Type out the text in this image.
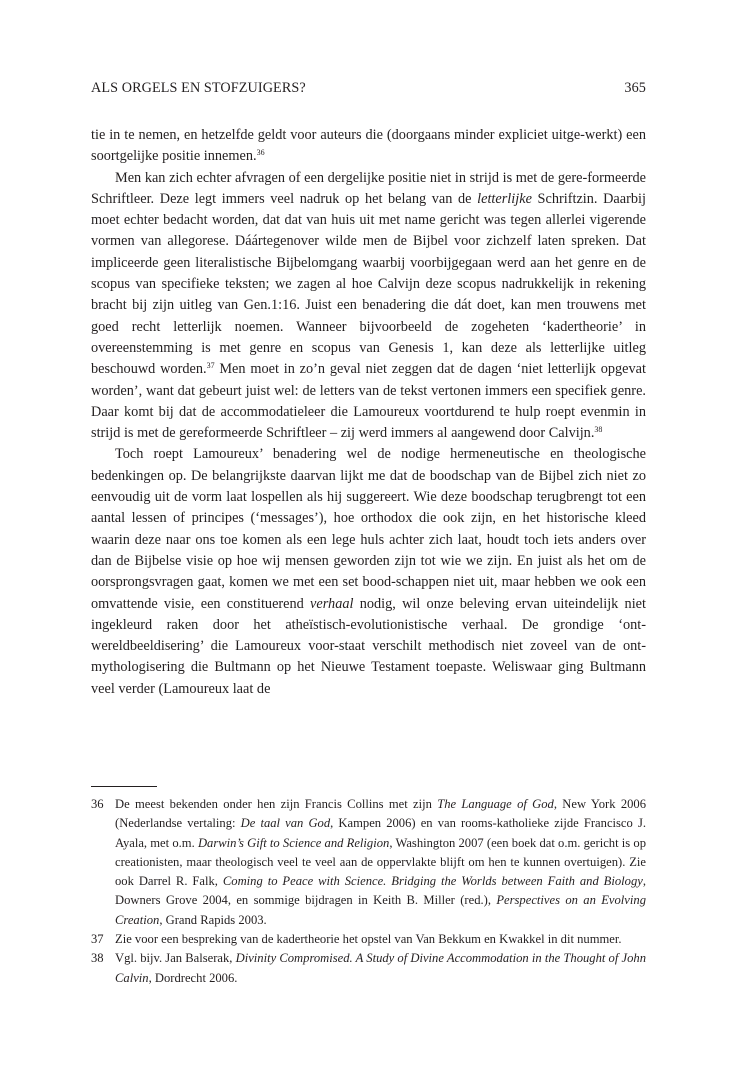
ALS ORGELS EN STOFZUIGERS?	365

tie in te nemen, en hetzelfde geldt voor auteurs die (doorgaans minder expliciet uitge-werkt) een soortgelijke positie innemen.$^{36}$

Men kan zich echter afvragen of een dergelijke positie niet in strijd is met de gere-formeerde Schriftleer. Deze legt immers veel nadruk op het belang van de letterlijke Schriftzin. Daarbij moet echter bedacht worden, dat dat van huis uit met name gericht was tegen allerlei vigerende vormen van allegorese. Dáártegenover wilde men de Bijbel voor zichzelf laten spreken. Dat impliceerde geen literalistische Bijbelomgang waarbij voorbijgegaan werd aan het genre en de scopus van specifieke teksten; we zagen al hoe Calvijn deze scopus nadrukkelijk in rekening bracht bij zijn uitleg van Gen.1:16. Juist een benadering die dát doet, kan men trouwens met goed recht letterlijk noemen. Wanneer bijvoorbeeld de zogeheten ‘kadertheorie’ in overeenstemming is met genre en scopus van Genesis 1, kan deze als letterlijke uitleg beschouwd worden.$^{37}$ Men moet in zo’n geval niet zeggen dat de dagen ‘niet letterlijk opgevat worden’, want dat gebeurt juist wel: de letters van de tekst vertonen immers een specifiek genre. Daar komt bij dat de accommodatieleer die Lamoureux voortdurend te hulp roept evenmin in strijd is met de gereformeerde Schriftleer – zij werd immers al aangewend door Calvijn.$^{38}$

Toch roept Lamoureux’ benadering wel de nodige hermeneutische en theologische bedenkingen op. De belangrijkste daarvan lijkt me dat de boodschap van de Bijbel zich niet zo eenvoudig uit de vorm laat lospellen als hij suggereert. Wie deze boodschap terugbrengt tot een aantal lessen of principes (‘messages’), hoe orthodox die ook zijn, en het historische kleed waarin deze naar ons toe komen als een lege huls achter zich laat, houdt toch iets anders over dan de Bijbelse visie op hoe wij mensen geworden zijn tot wie we zijn. En juist als het om de oorsprongsvragen gaat, komen we met een set bood-schappen niet uit, maar hebben we ook een omvattende visie, een constituerend verhaal nodig, wil onze beleving ervan uiteindelijk niet ingekleurd raken door het atheïstisch-evolutionistische verhaal. De grondige ‘ont-wereldbeeldisering’ die Lamoureux voor-staat verschilt methodisch niet zoveel van de ont-mythologisering die Bultmann op het Nieuwe Testament toepaste. Weliswaar ging Bultmann veel verder (Lamoureux laat de

36 De meest bekenden onder hen zijn Francis Collins met zijn The Language of God, New York 2006 (Nederlandse vertaling: De taal van God, Kampen 2006) en van rooms-katholieke zijde Francisco J. Ayala, met o.m. Darwin’s Gift to Science and Religion, Washington 2007 (een boek dat o.m. gericht is op creationisten, maar theologisch veel te veel aan de oppervlakte blijft om hen te kunnen overtuigen). Zie ook Darrel R. Falk, Coming to Peace with Science. Bridging the Worlds between Faith and Biology, Downers Grove 2004, en sommige bijdragen in Keith B. Miller (red.), Perspectives on an Evolving Creation, Grand Rapids 2003.
37 Zie voor een bespreking van de kadertheorie het opstel van Van Bekkum en Kwakkel in dit nummer.
38 Vgl. bijv. Jan Balserak, Divinity Compromised. A Study of Divine Accommodation in the Thought of John Calvin, Dordrecht 2006.
